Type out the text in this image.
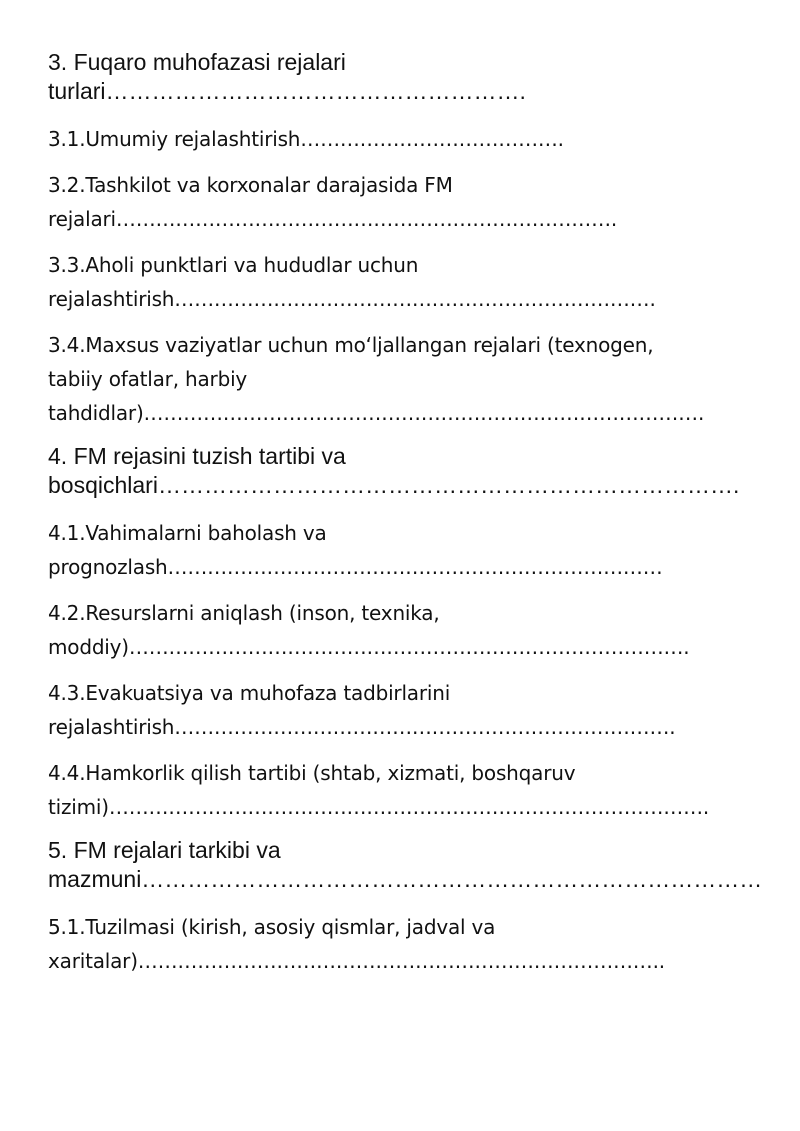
3. Fuqaro muhofazasi rejalari
turlari……………………………………………….

3.1.Umumiy rejalashtirish………………………………….

3.2.Tashkilot va korxonalar darajasida FM
rejalari………………………………………………………………….

3.3.Aholi punktlari va hududlar uchun
rejalashtirish……………………………………………………………….

3.4.Maxsus vaziyatlar uchun mo‘ljallangan rejalari (texnogen,
tabiiy ofatlar, harbiy
tahdidlar)………………………………………………………………………….

4. FM rejasini tuzish tartibi va
bosqichlari………………………………………………………………….

4.1.Vahimalarni baholash va
prognozlash…………………………………………………………………

4.2.Resurslarni aniqlash (inson, texnika,
moddiy)………………………………………………………………………….

4.3.Evakuatsiya va muhofaza tadbirlarini
rejalashtirish………………………………………………………………….

4.4.Hamkorlik qilish tartibi (shtab, xizmati, boshqaruv
tizimi)……………………………………………………………………………….

5. FM rejalari tarkibi va
mazmuni………………………………………………………………………

5.1.Tuzilmasi (kirish, asosiy qismlar, jadval va
xaritalar)……………………………………………………………………..
